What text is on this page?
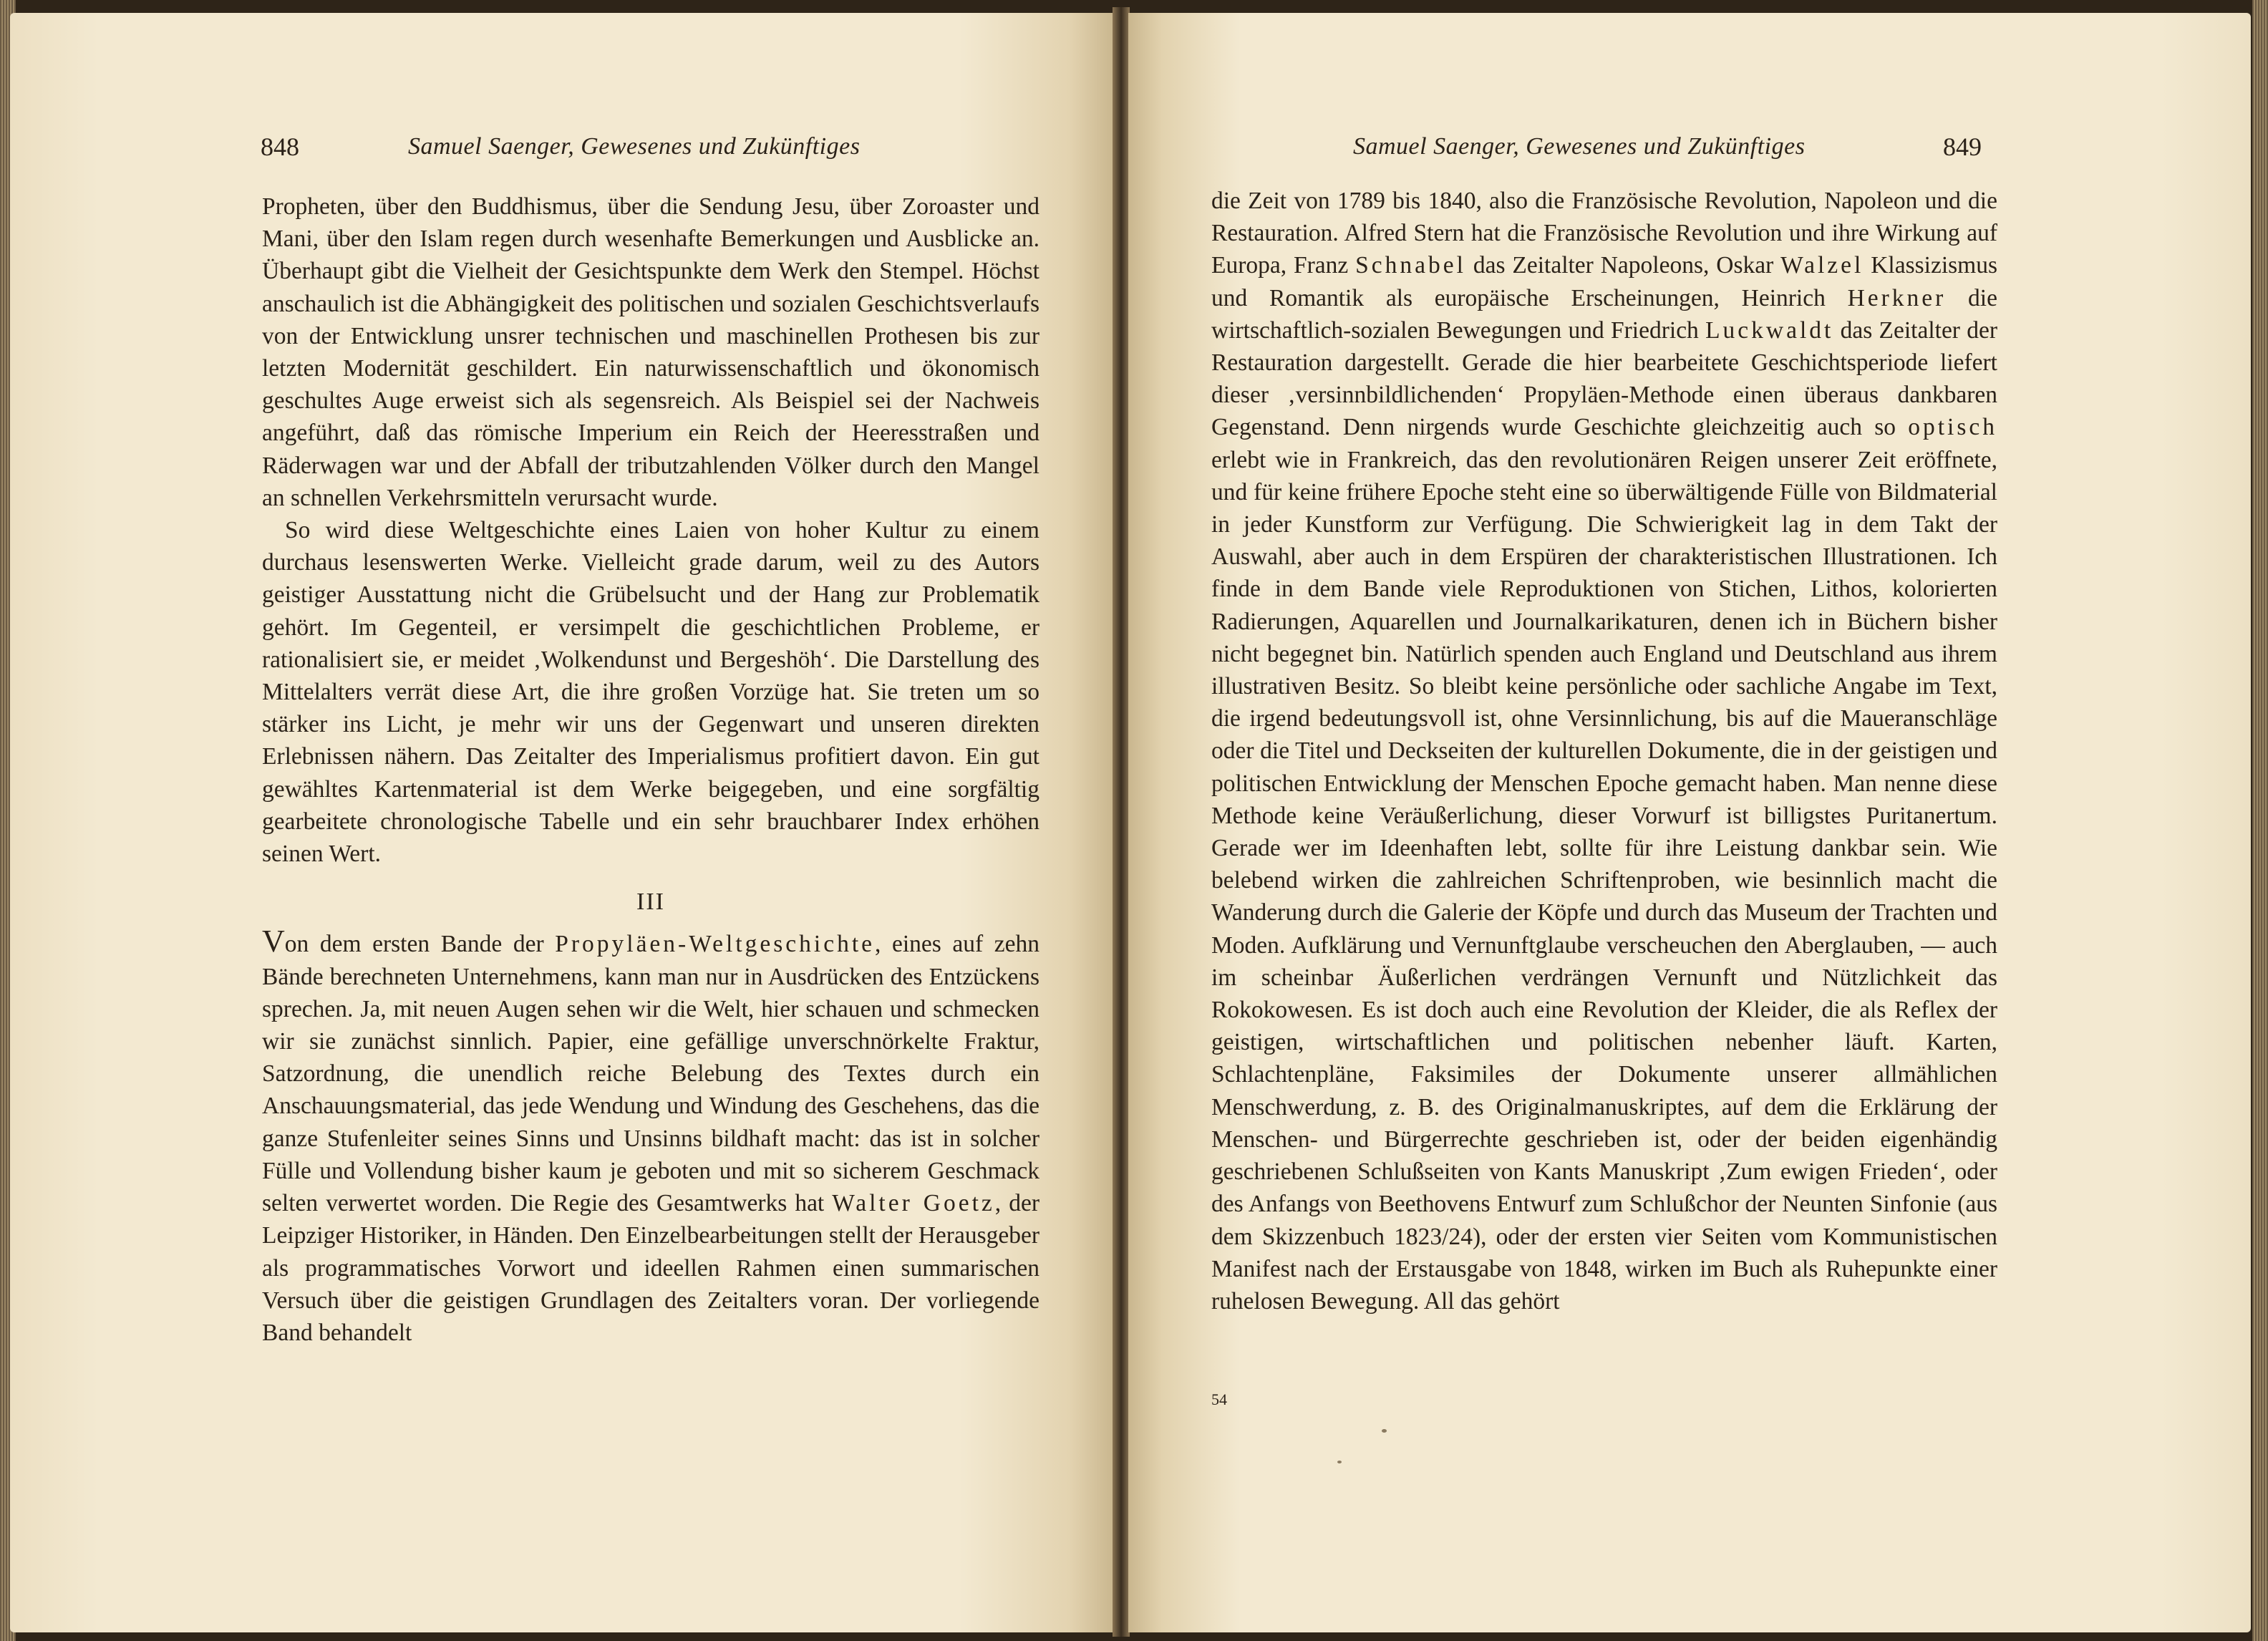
848	Samuel Saenger, Gewesenes und Zukünftiges

Propheten, über den Buddhismus, über die Sendung Jesu, über Zoroaster und Mani, über den Islam regen durch wesenhafte Bemerkungen und Ausblicke an. Überhaupt gibt die Vielheit der Gesichtspunkte dem Werk den Stempel. Höchst anschaulich ist die Abhängigkeit des politischen und sozialen Geschichtsverlaufs von der Entwicklung unsrer technischen und maschinellen Prothesen bis zur letzten Modernität geschildert. Ein naturwissenschaftlich und ökonomisch geschultes Auge erweist sich als segensreich. Als Beispiel sei der Nachweis angeführt, daß das römische Imperium ein Reich der Heeresstraßen und Räderwagen war und der Abfall der tributzahlenden Völker durch den Mangel an schnellen Verkehrsmitteln verursacht wurde.

So wird diese Weltgeschichte eines Laien von hoher Kultur zu einem durchaus lesenswerten Werke. Vielleicht grade darum, weil zu des Autors geistiger Ausstattung nicht die Grübelsucht und der Hang zur Problematik gehört. Im Gegenteil, er versimpelt die geschichtlichen Probleme, er rationalisiert sie, er meidet ‚Wolkendunst und Bergeshöh‘. Die Darstellung des Mittelalters verrät diese Art, die ihre großen Vorzüge hat. Sie treten um so stärker ins Licht, je mehr wir uns der Gegenwart und unseren direkten Erlebnissen nähern. Das Zeitalter des Imperialismus profitiert davon. Ein gut gewähltes Kartenmaterial ist dem Werke beigegeben, und eine sorgfältig gearbeitete chronologische Tabelle und ein sehr brauchbarer Index erhöhen seinen Wert.

III

Von dem ersten Bande der Propyläen-Weltgeschichte, eines auf zehn Bände berechneten Unternehmens, kann man nur in Ausdrücken des Entzückens sprechen. Ja, mit neuen Augen sehen wir die Welt, hier schauen und schmecken wir sie zunächst sinnlich. Papier, eine gefällige unverschnörkelte Fraktur, Satzordnung, die unendlich reiche Belebung des Textes durch ein Anschauungsmaterial, das jede Wendung und Windung des Geschehens, das die ganze Stufenleiter seines Sinns und Unsinns bildhaft macht: das ist in solcher Fülle und Vollendung bisher kaum je geboten und mit so sicherem Geschmack selten verwertet worden. Die Regie des Gesamtwerks hat Walter Goetz, der Leipziger Historiker, in Händen. Den Einzelbearbeitungen stellt der Herausgeber als programmatisches Vorwort und ideellen Rahmen einen summarischen Versuch über die geistigen Grundlagen des Zeitalters voran. Der vorliegende Band behandelt

Samuel Saenger, Gewesenes und Zukünftiges	849

die Zeit von 1789 bis 1840, also die Französische Revolution, Napoleon und die Restauration. Alfred Stern hat die Französische Revolution und ihre Wirkung auf Europa, Franz Schnabel das Zeitalter Napoleons, Oskar Walzel Klassizismus und Romantik als europäische Erscheinungen, Heinrich Herkner die wirtschaftlich-sozialen Bewegungen und Friedrich Luckwaldt das Zeitalter der Restauration dargestellt. Gerade die hier bearbeitete Geschichtsperiode liefert dieser ‚versinnbildlichenden‘ Propyläen-Methode einen überaus dankbaren Gegenstand. Denn nirgends wurde Geschichte gleichzeitig auch so optisch erlebt wie in Frankreich, das den revolutionären Reigen unserer Zeit eröffnete, und für keine frühere Epoche steht eine so überwältigende Fülle von Bildmaterial in jeder Kunstform zur Verfügung. Die Schwierigkeit lag in dem Takt der Auswahl, aber auch in dem Erspüren der charakteristischen Illustrationen. Ich finde in dem Bande viele Reproduktionen von Stichen, Lithos, kolorierten Radierungen, Aquarellen und Journalkarikaturen, denen ich in Büchern bisher nicht begegnet bin. Natürlich spenden auch England und Deutschland aus ihrem illustrativen Besitz. So bleibt keine persönliche oder sachliche Angabe im Text, die irgend bedeutungsvoll ist, ohne Versinnlichung, bis auf die Maueranschläge oder die Titel und Deckseiten der kulturellen Dokumente, die in der geistigen und politischen Entwicklung der Menschen Epoche gemacht haben. Man nenne diese Methode keine Veräußerlichung, dieser Vorwurf ist billigstes Puritanertum. Gerade wer im Ideenhaften lebt, sollte für ihre Leistung dankbar sein. Wie belebend wirken die zahlreichen Schriftenproben, wie besinnlich macht die Wanderung durch die Galerie der Köpfe und durch das Museum der Trachten und Moden. Aufklärung und Vernunftglaube verscheuchen den Aberglauben, — auch im scheinbar Äußerlichen verdrängen Vernunft und Nützlichkeit das Rokokowesen. Es ist doch auch eine Revolution der Kleider, die als Reflex der geistigen, wirtschaftlichen und politischen nebenher läuft. Karten, Schlachtenpläne, Faksimiles der Dokumente unserer allmählichen Menschwerdung, z. B. des Originalmanuskriptes, auf dem die Erklärung der Menschen- und Bürgerrechte geschrieben ist, oder der beiden eigenhändig geschriebenen Schlußseiten von Kants Manuskript ‚Zum ewigen Frieden‘, oder des Anfangs von Beethovens Entwurf zum Schlußchor der Neunten Sinfonie (aus dem Skizzenbuch 1823/24), oder der ersten vier Seiten vom Kommunistischen Manifest nach der Erstausgabe von 1848, wirken im Buch als Ruhepunkte einer ruhelosen Bewegung. All das gehört

54
